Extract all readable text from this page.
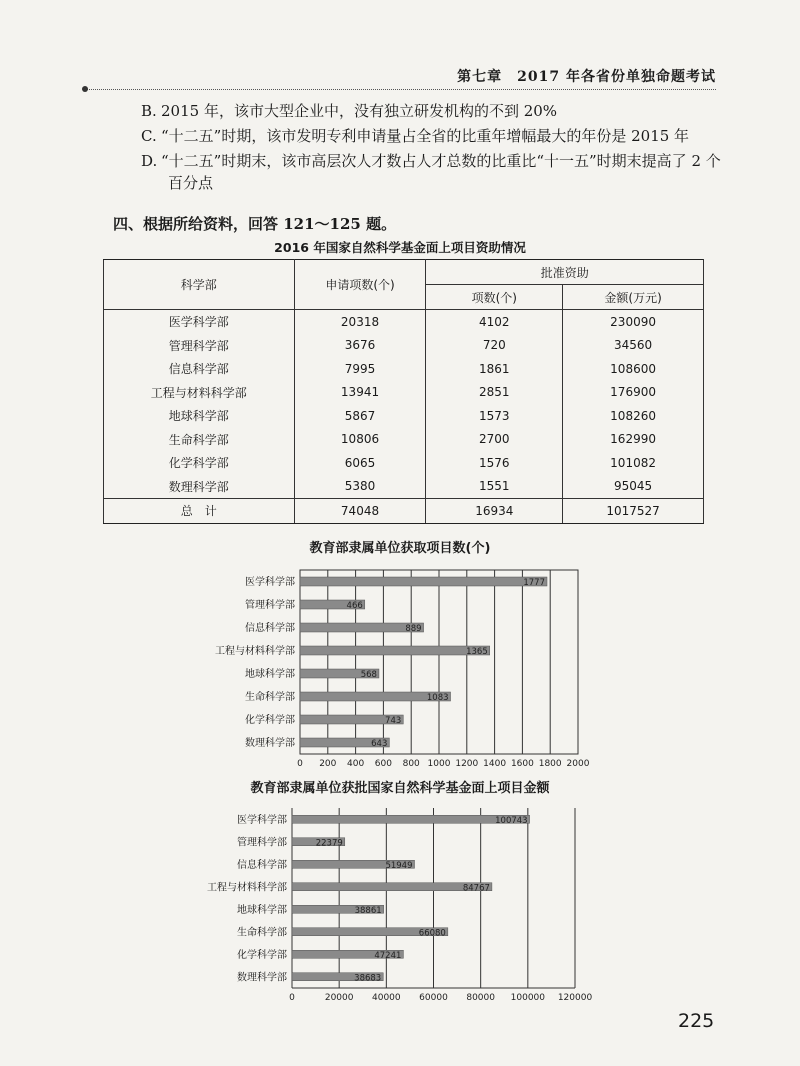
第七章　2017 年各省份单独命题考试
B. 2015 年，该市大型企业中，没有独立研发机构的不到 20%
C. “十二五”时期，该市发明专利申请量占全省的比重年增幅最大的年份是 2015 年
D. “十二五”时期末，该市高层次人才数占人才总数的比重比“十一五”时期末提高了 2 个
百分点
四、根据所给资料，回答 121～125 题。
2016 年国家自然科学基金面上项目资助情况
科学部	申请项数(个)	批准资助	
		项数(个)	金额(万元)
医学科学部	20318	4102	230090
管理科学部	3676	720	34560
信息科学部	7995	1861	108600
工程与材料科学部	13941	2851	176900
地球科学部	5867	1573	108260
生命科学部	10806	2700	162990
化学科学部	6065	1576	101082
数理科学部	5380	1551	95045
总　计	74048	16934	1017527
教育部隶属单位获取项目数(个)
0 200 400 600 800 1000 1200 1400 1600 1800 2000
医学科学部	1777
管理科学部	466
信息科学部	889
工程与材料科学部	1365
地球科学部	568
生命科学部	1083
化学科学部	743
数理科学部	643
教育部隶属单位获批国家自然科学基金面上项目金额
0	20000 40000 60000 80000 100000 120000
医学科学部	100743
管理科学部	22379
信息科学部	51949
工程与材料科学部	84767
地球科学部	38861
生命科学部	66080
化学科学部	47241
数理科学部	38683
225
